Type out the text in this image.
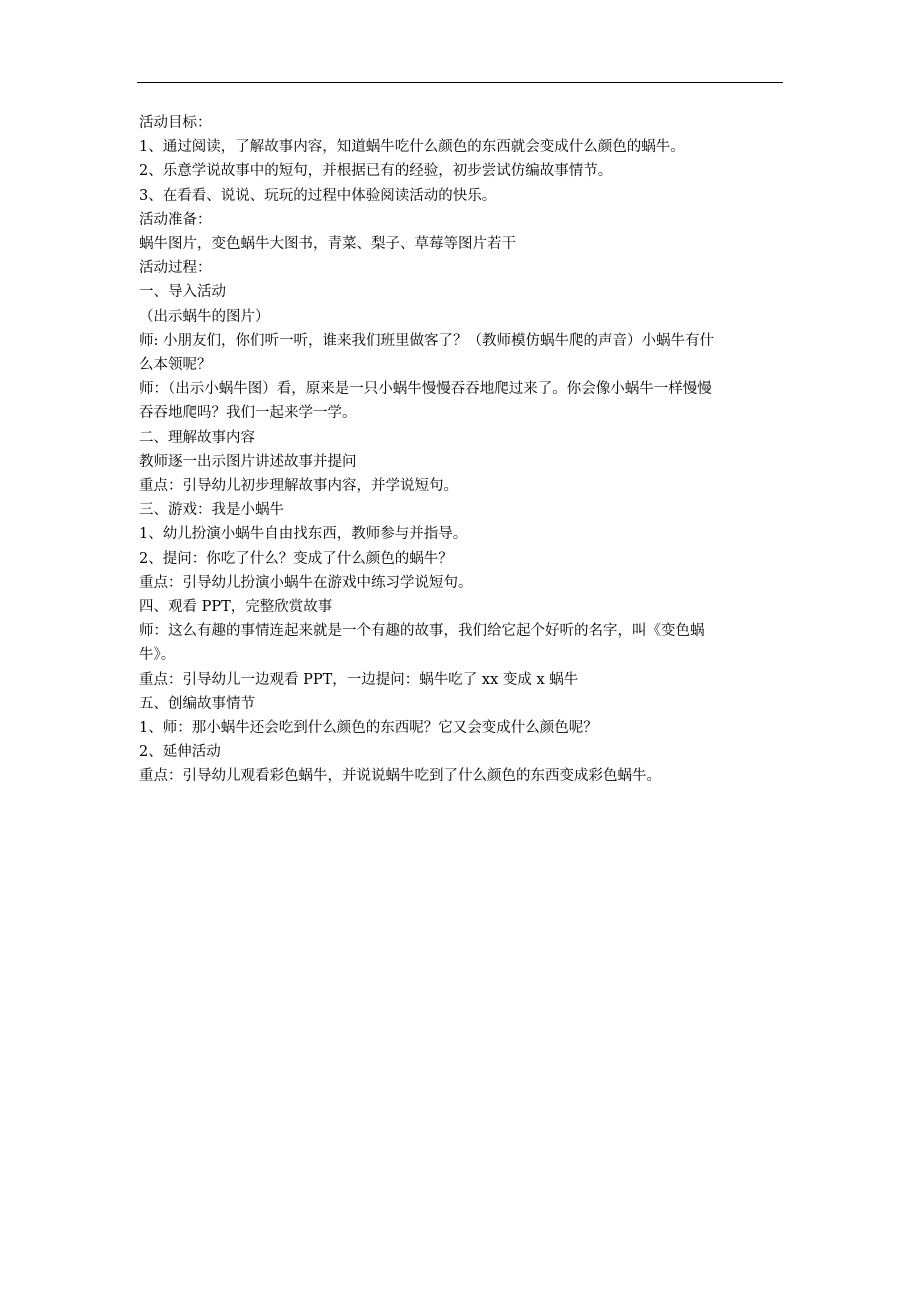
活动目标：

1、通过阅读，了解故事内容，知道蜗牛吃什么颜色的东西就会变成什么颜色的蜗牛。

2、乐意学说故事中的短句，并根据已有的经验，初步尝试仿编故事情节。

3、在看看、说说、玩玩的过程中体验阅读活动的快乐。

活动准备：

蜗牛图片，变色蜗牛大图书，青菜、梨子、草莓等图片若干

活动过程：

一、导入活动

（出示蜗牛的图片）

师: 小朋友们，你们听一听，谁来我们班里做客了？（教师模仿蜗牛爬的声音）小蜗牛有什

么本领呢？

师：（出示小蜗牛图）看，原来是一只小蜗牛慢慢吞吞地爬过来了。你会像小蜗牛一样慢慢

吞吞地爬吗？我们一起来学一学。

二、理解故事内容

教师逐一出示图片讲述故事并提问

重点：引导幼儿初步理解故事内容，并学说短句。

三、游戏：我是小蜗牛

1、幼儿扮演小蜗牛自由找东西，教师参与并指导。

2、提问：你吃了什么？变成了什么颜色的蜗牛？

重点：引导幼儿扮演小蜗牛在游戏中练习学说短句。

四、观看 PPT，完整欣赏故事

师：这么有趣的事情连起来就是一个有趣的故事，我们给它起个好听的名字，叫《变色蜗

牛》。

重点：引导幼儿一边观看 PPT，一边提问：蜗牛吃了 xx 变成 x 蜗牛

五、创编故事情节

1、师：那小蜗牛还会吃到什么颜色的东西呢？它又会变成什么颜色呢？

2、延伸活动

重点：引导幼儿观看彩色蜗牛，并说说蜗牛吃到了什么颜色的东西变成彩色蜗牛。
